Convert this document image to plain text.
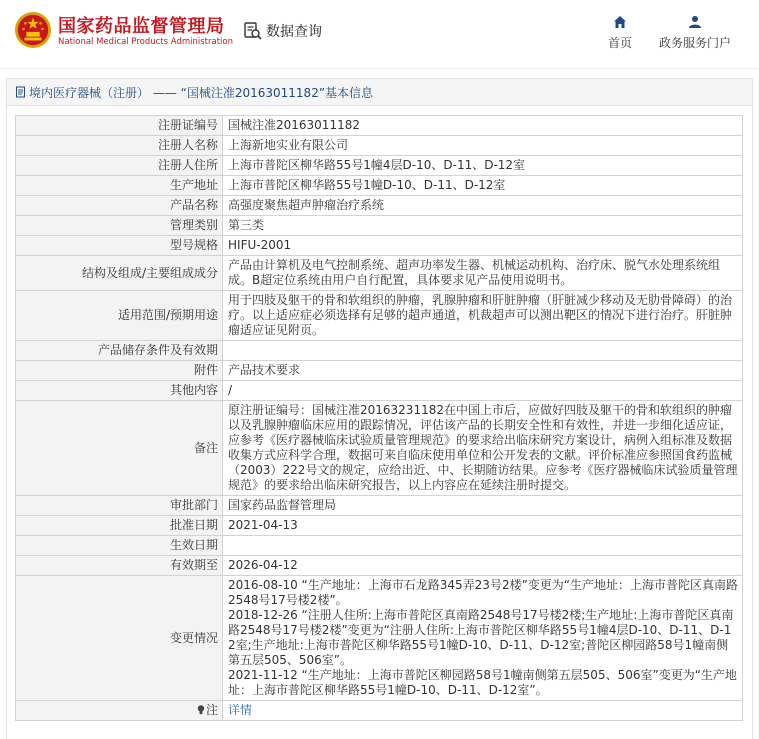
国家药品监督管理局
National Medical Products Administration
数据查询
首页	政务服务门户
境内医疗器械（注册） —— “国械注准20163011182”基本信息
注册证编号	国械注准20163011182
注册人名称	上海新地实业有限公司
注册人住所	上海市普陀区柳华路55号1幢4层D-10、D-11、D-12室
生产地址	上海市普陀区柳华路55号1幢D-10、D-11、D-12室
产品名称	高强度聚焦超声肿瘤治疗系统
管理类别	第三类
型号规格	HIFU-2001
结构及组成/主要组成成分	产品由计算机及电气控制系统、超声功率发生器、机械运动机构、治疗床、脱气水处理系统组成。B超定位系统由用户自行配置，具体要求见产品使用说明书。
适用范围/预期用途	用于四肢及躯干的骨和软组织的肿瘤，乳腺肿瘤和肝脏肿瘤（肝脏减少移动及无肋骨障碍）的治疗。以上适应症必须选择有足够的超声通道，机裁超声可以测出靶区的情况下进行治疗。肝脏肿瘤适应证见附页。
产品储存条件及有效期	
附件	产品技术要求
其他内容	/
备注	原注册证编号：国械注准20163231182在中国上市后，应做好四肢及躯干的骨和软组织的肿瘤以及乳腺肿瘤临床应用的跟踪情况，评估该产品的长期安全性和有效性，并进一步细化适应证，应参考《医疗器械临床试验质量管理规范》的要求给出临床研究方案设计，病例入组标准及数据收集方式应科学合理，数据可来自临床使用单位和公开发表的文献。评价标准应参照国食药监械（2003）222号文的规定，应给出近、中、长期随访结果。应参考《医疗器械临床试验质量管理规范》的要求给出临床研究报告，以上内容应在延续注册时提交。
审批部门	国家药品监督管理局
批准日期	2021-04-13
生效日期	
有效期至	2026-04-12
变更情况	2016-08-10 “生产地址：上海市石龙路345弄23号2楼”变更为“生产地址：上海市普陀区真南路2548号17号楼2楼”。
2018-12-26 “注册人住所:上海市普陀区真南路2548号17号楼2楼;生产地址:上海市普陀区真南路2548号17号楼2楼”变更为“注册人住所:上海市普陀区柳华路55号1幢4层D-10、D-11、D-12室;生产地址:上海市普陀区柳华路55号1幢D-10、D-11、D-12室;普陀区柳园路58号1幢南侧第五层505、506室”。
2021-11-12 “生产地址：上海市普陀区柳园路58号1幢南侧第五层505、506室”变更为“生产地址：上海市普陀区柳华路55号1幢D-10、D-11、D-12室”。

注	详情
